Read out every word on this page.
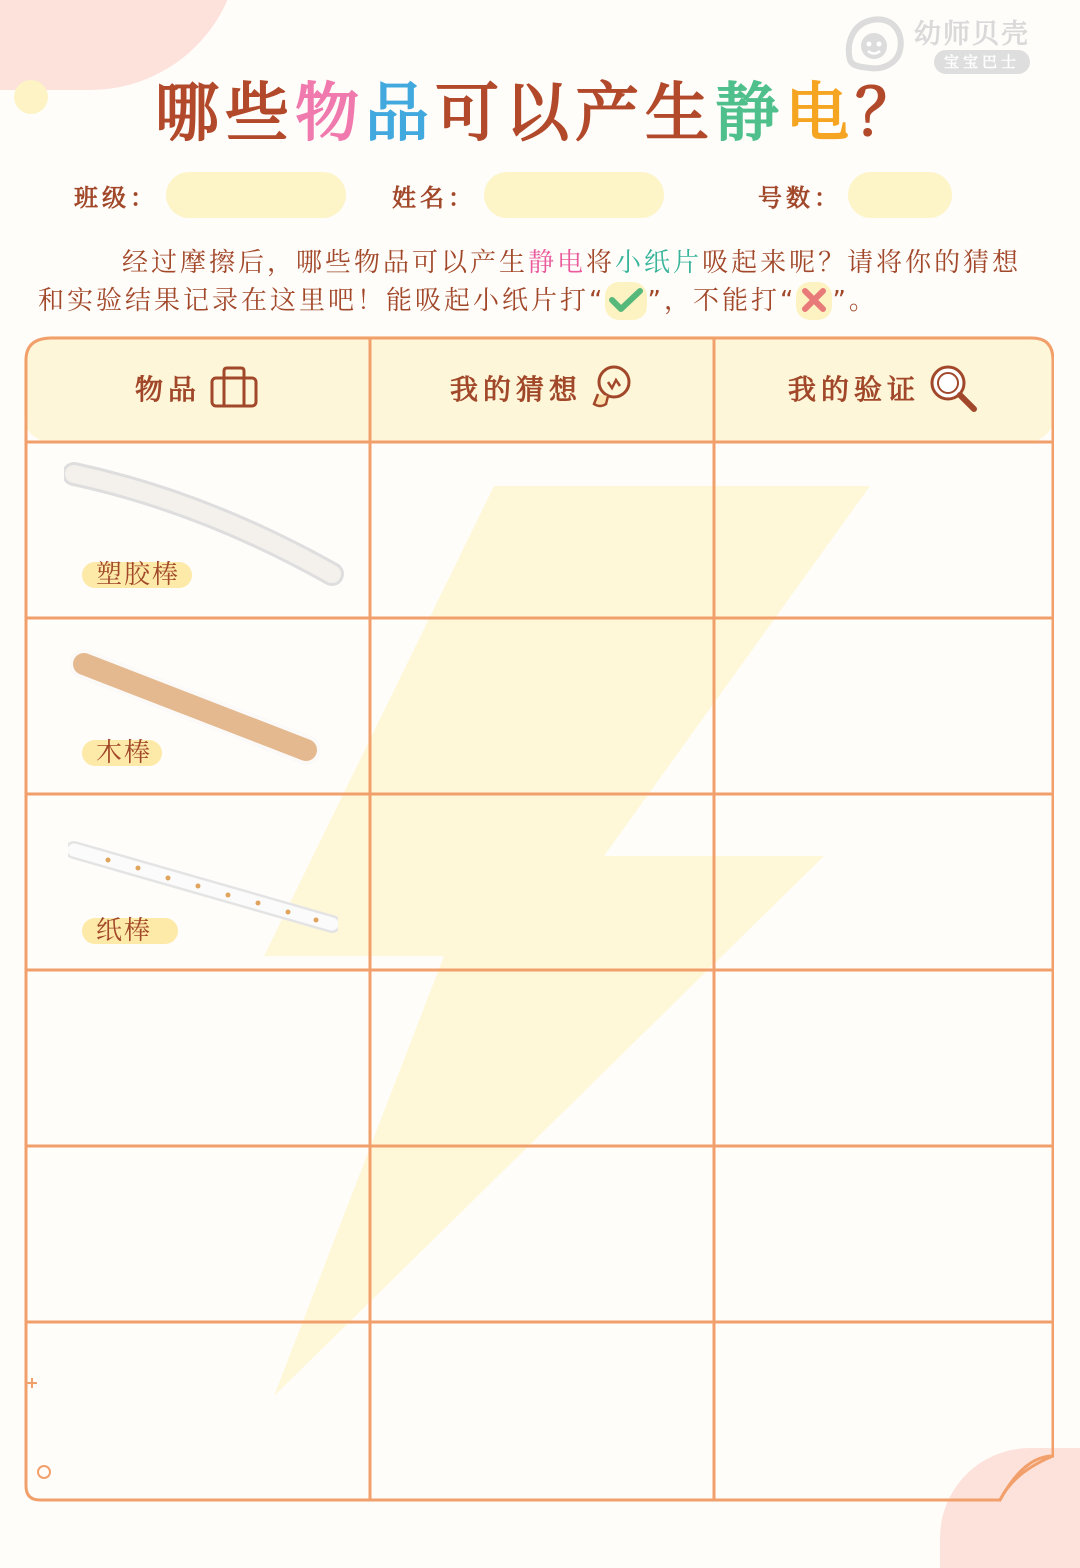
幼师贝壳
宝宝巴士
哪些物品可以产生静电？
班级：	姓名：	号数：
经过摩擦后，哪些物品可以产生静电将小纸片吸起来呢？请将你的猜想和实验结果记录在这里吧！能吸起小纸片打“ ”，不能打“ ”。
物品	我的猜想	我的验证
塑胶棒
木棒
纸棒
